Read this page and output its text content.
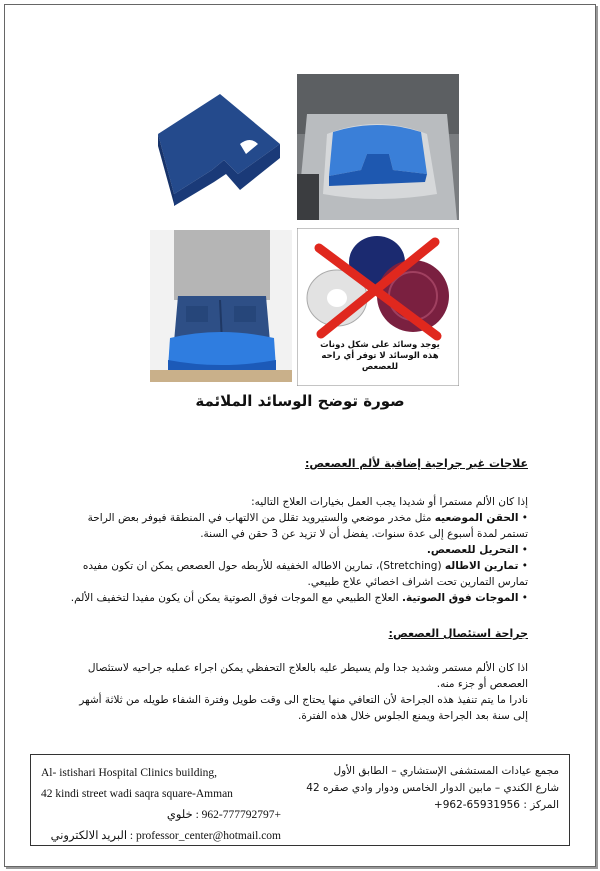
يوجد وسائد على شكل دونات
هذه الوسائد لا توفر أي راحه
للعصعص
صورة توضح الوسائد الملائمة
علاجات غير جراحية إضافية لألم العصعص:
إذا كان الألم مستمرا أو شديدا يجب العمل بخيارات العلاج التاليه:
• الحقن الموضعيه مثل مخدر موضعي والستيرويد تقلل من الالتهاب في المنطقة فيوفر بعض الراحة تستمر لمدة أسبوع إلى عدة سنوات. يفضل أن لا تزيد عن 3 حقن في السنة.
• التحريل للعصعص.
• تمارين الاطاله (Stretching)، تمارين الاطاله الخفيفه للأربطه حول العصعص يمكن ان تكون مفيده تمارس التمارين تحت اشراف اخصائي علاج طبيعي.
• الموجات فوق الصوتية. العلاج الطبيعي مع الموجات فوق الصوتية يمكن أن يكون مفيدا لتخفيف الألم.
جراحة استئصال العصعص:
اذا كان الألم مستمر وشديد جدا ولم يسيطر عليه بالعلاج التحفظي يمكن اجراء عمليه جراحيه لاستئصال العصعص أو جزء منه.
نادرا ما يتم تنفيذ هذه الجراحة لأن التعافي منها يحتاج الى وقت طويل وفترة الشفاء طويله من ثلاثة أشهر إلى سنة بعد الجراحة ويمنع الجلوس خلال هذه الفترة.
Al- istishari Hospital Clinics building,
42 kindi street wadi saqra square-Amman
+962-777792797 : خلوي
professor_center@hotmail.com : البريد الالكتروني
مجمع عيادات المستشفى الإستشاري – الطابق الأول
شارع الكندي – مابين الدوار الخامس ودوار وادي صقره 42
المركز : 65931956-962+
